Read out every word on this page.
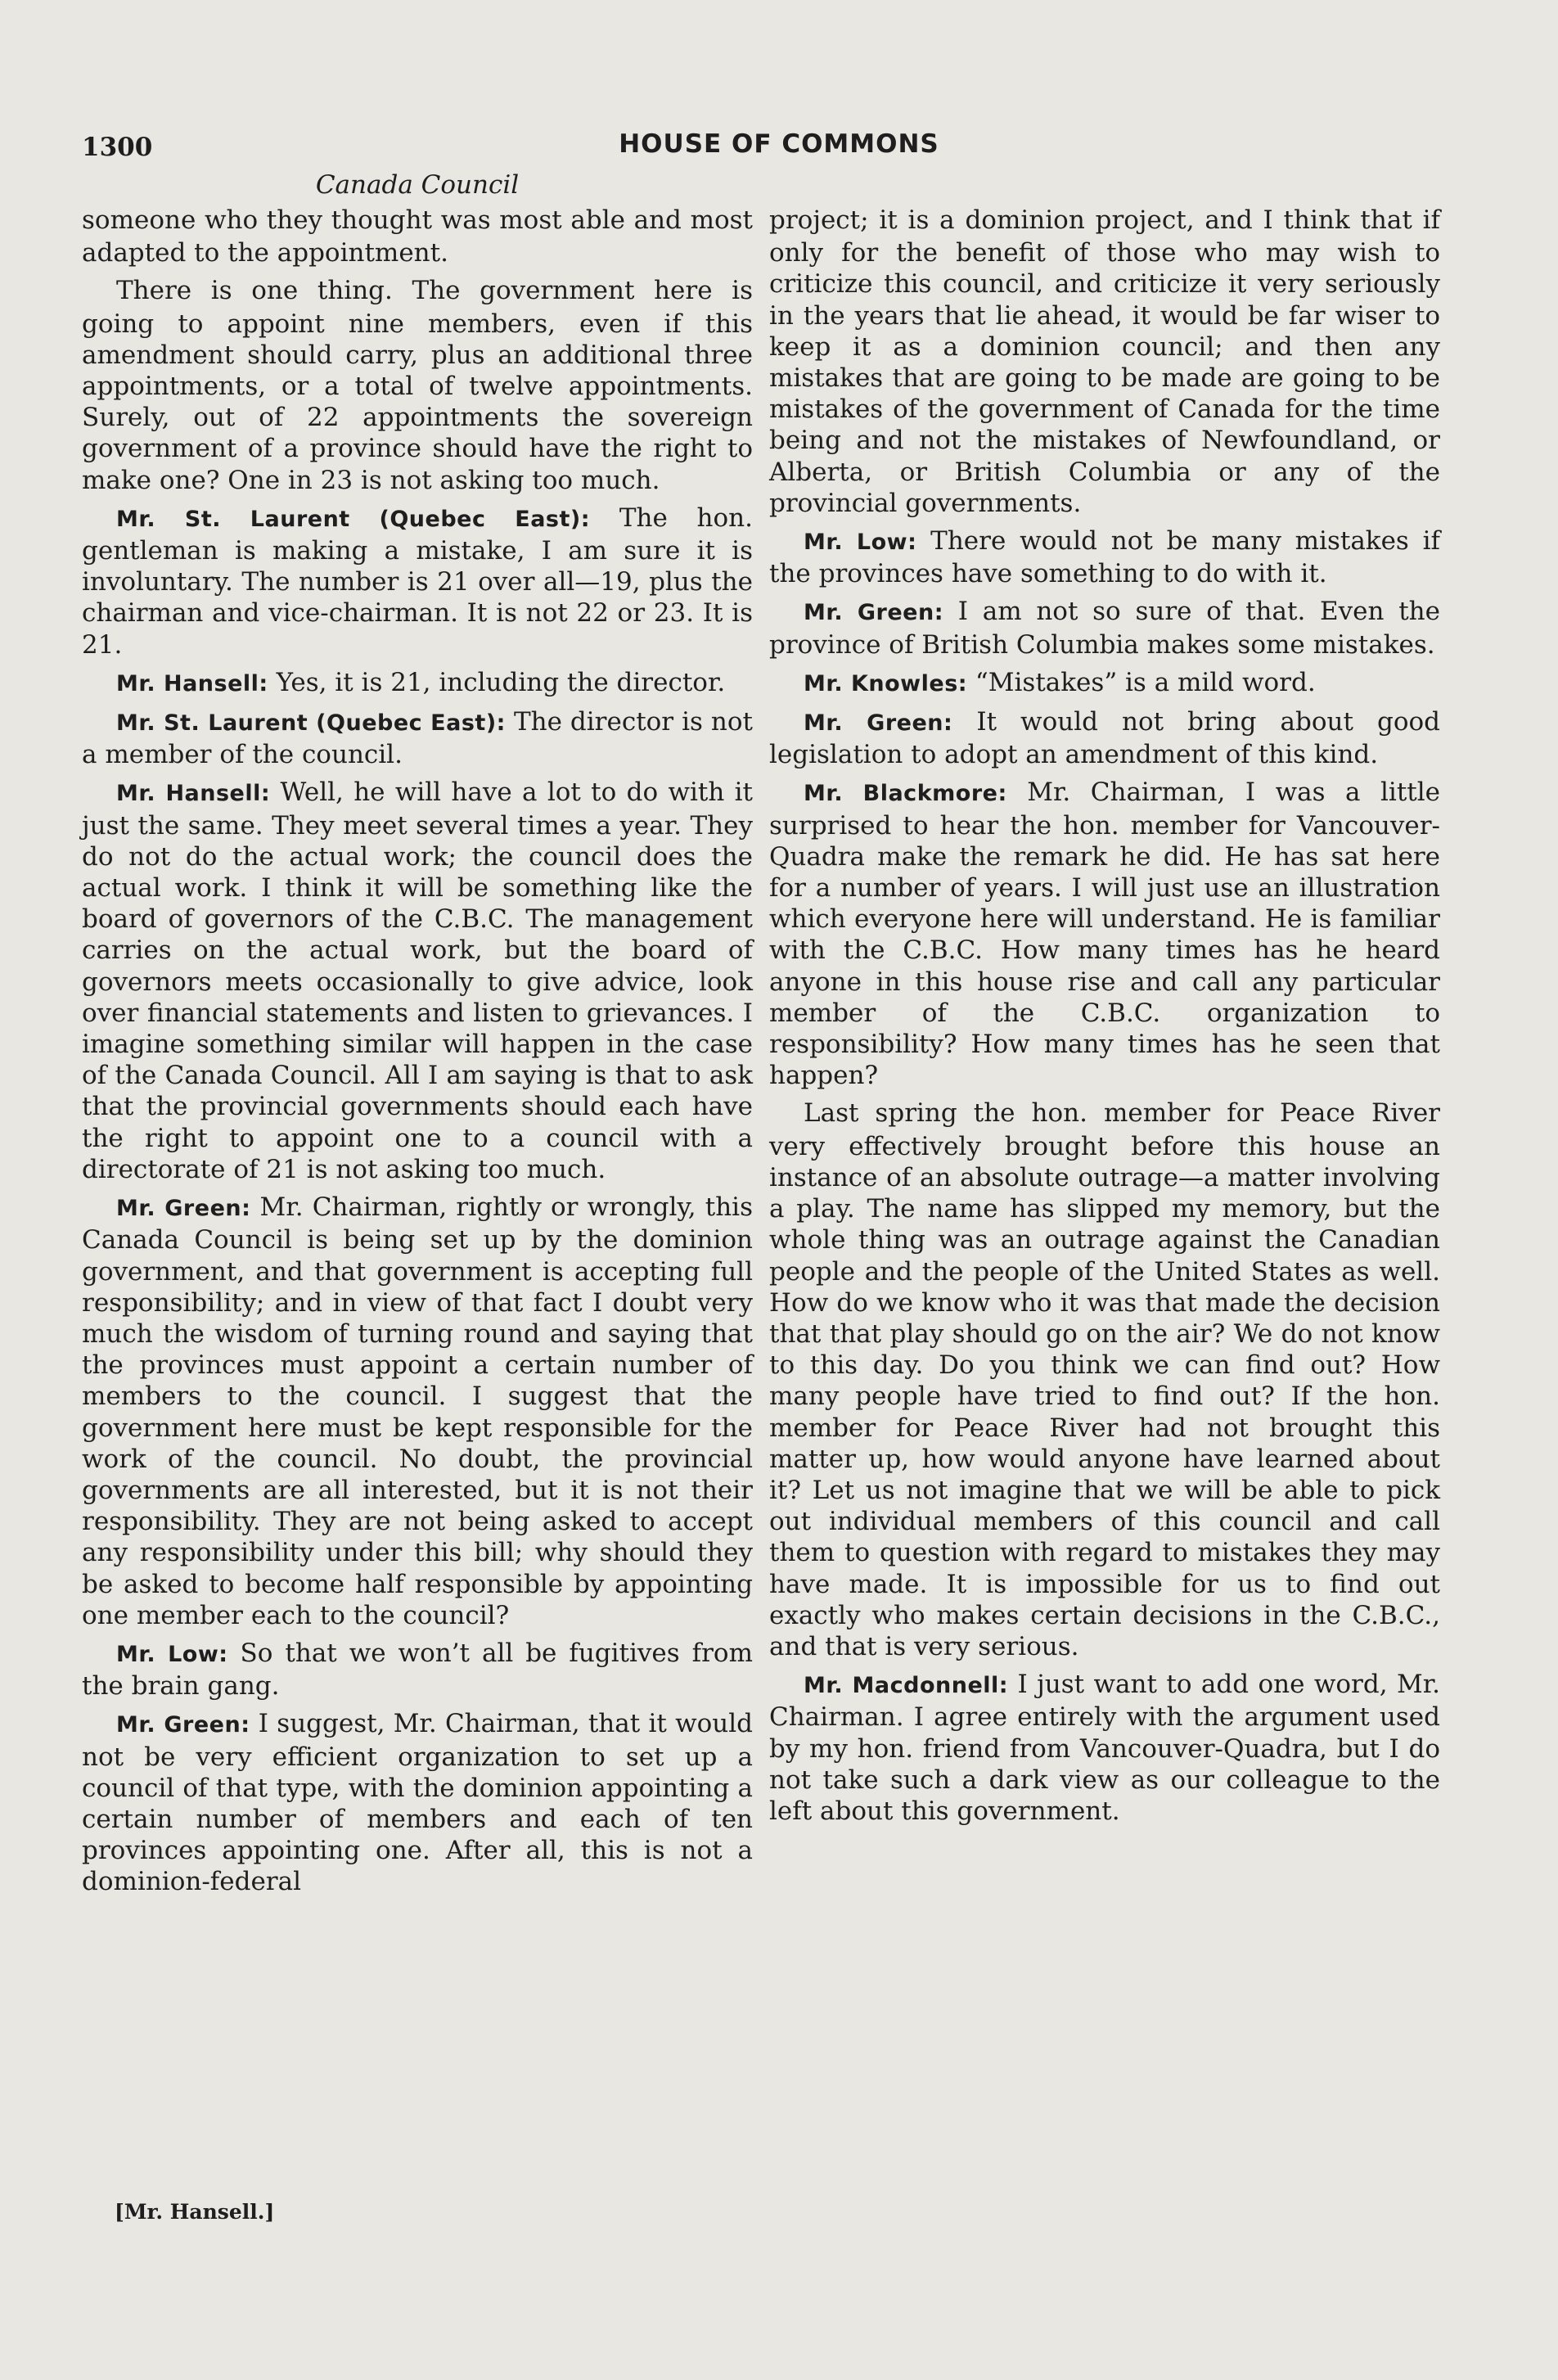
1300	HOUSE OF COMMONS
Canada Council

someone who they thought was most able and most adapted to the appointment.

There is one thing. The government here is going to appoint nine members, even if this amendment should carry, plus an additional three appointments, or a total of twelve appointments. Surely, out of 22 appointments the sovereign government of a province should have the right to make one? One in 23 is not asking too much.

Mr. St. Laurent (Quebec East): The hon. gentleman is making a mistake, I am sure it is involuntary. The number is 21 over all—19, plus the chairman and vice-chairman. It is not 22 or 23. It is 21.

Mr. Hansell: Yes, it is 21, including the director.

Mr. St. Laurent (Quebec East): The director is not a member of the council.

Mr. Hansell: Well, he will have a lot to do with it just the same. They meet several times a year. They do not do the actual work; the council does the actual work. I think it will be something like the board of governors of the C.B.C. The management carries on the actual work, but the board of governors meets occasionally to give advice, look over financial statements and listen to grievances. I imagine something similar will happen in the case of the Canada Council. All I am saying is that to ask that the provincial governments should each have the right to appoint one to a council with a directorate of 21 is not asking too much.

Mr. Green: Mr. Chairman, rightly or wrongly, this Canada Council is being set up by the dominion government, and that government is accepting full responsibility; and in view of that fact I doubt very much the wisdom of turning round and saying that the provinces must appoint a certain number of members to the council. I suggest that the government here must be kept responsible for the work of the council. No doubt, the provincial governments are all interested, but it is not their responsibility. They are not being asked to accept any responsibility under this bill; why should they be asked to become half responsible by appointing one member each to the council?

Mr. Low: So that we won’t all be fugitives from the brain gang.

Mr. Green: I suggest, Mr. Chairman, that it would not be very efficient organization to set up a council of that type, with the dominion appointing a certain number of members and each of ten provinces appointing one. After all, this is not a dominion-federal

project; it is a dominion project, and I think that if only for the benefit of those who may wish to criticize this council, and criticize it very seriously in the years that lie ahead, it would be far wiser to keep it as a dominion council; and then any mistakes that are going to be made are going to be mistakes of the government of Canada for the time being and not the mistakes of Newfoundland, or Alberta, or British Columbia or any of the provincial governments.

Mr. Low: There would not be many mistakes if the provinces have something to do with it.

Mr. Green: I am not so sure of that. Even the province of British Columbia makes some mistakes.

Mr. Knowles: “Mistakes” is a mild word.

Mr. Green: It would not bring about good legislation to adopt an amendment of this kind.

Mr. Blackmore: Mr. Chairman, I was a little surprised to hear the hon. member for Vancouver-Quadra make the remark he did. He has sat here for a number of years. I will just use an illustration which everyone here will understand. He is familiar with the C.B.C. How many times has he heard anyone in this house rise and call any particular member of the C.B.C. organization to responsibility? How many times has he seen that happen?

Last spring the hon. member for Peace River very effectively brought before this house an instance of an absolute outrage—a matter involving a play. The name has slipped my memory, but the whole thing was an outrage against the Canadian people and the people of the United States as well. How do we know who it was that made the decision that that play should go on the air? We do not know to this day. Do you think we can find out? How many people have tried to find out? If the hon. member for Peace River had not brought this matter up, how would anyone have learned about it? Let us not imagine that we will be able to pick out individual members of this council and call them to question with regard to mistakes they may have made. It is impossible for us to find out exactly who makes certain decisions in the C.B.C., and that is very serious.

Mr. Macdonnell: I just want to add one word, Mr. Chairman. I agree entirely with the argument used by my hon. friend from Vancouver-Quadra, but I do not take such a dark view as our colleague to the left about this government.

[Mr. Hansell.]
